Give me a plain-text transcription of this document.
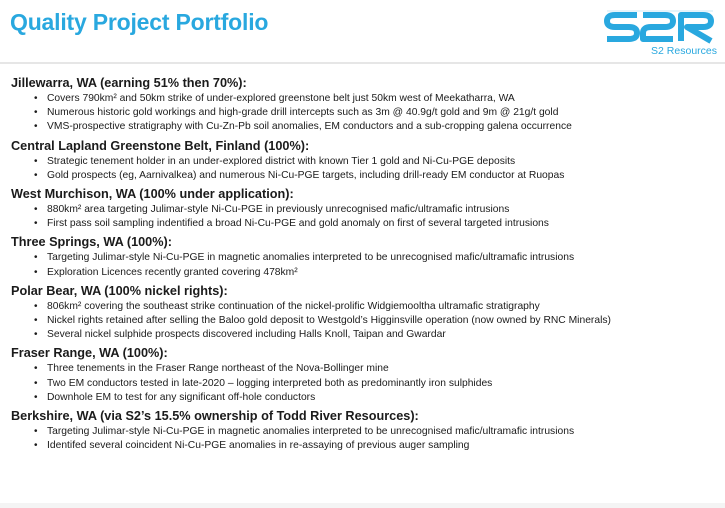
Quality Project Portfolio
S2 Resources
Jillewarra, WA (earning 51% then 70%):
• Covers 790km² and 50km strike of under-explored greenstone belt just 50km west of Meekatharra, WA
• Numerous historic gold workings and high-grade drill intercepts such as 3m @ 40.9g/t gold and 9m @ 21g/t gold
• VMS-prospective stratigraphy with Cu-Zn-Pb soil anomalies, EM conductors and a sub-cropping galena occurrence
Central Lapland Greenstone Belt, Finland (100%):
• Strategic tenement holder in an under-explored district with known Tier 1 gold and Ni-Cu-PGE deposits
• Gold prospects (eg, Aarnivalkea) and numerous Ni-Cu-PGE targets, including drill-ready EM conductor at Ruopas
West Murchison, WA (100% under application):
• 880km² area targeting Julimar-style Ni-Cu-PGE in previously unrecognised mafic/ultramafic intrusions
• First pass soil sampling indentified a broad Ni-Cu-PGE and gold anomaly on first of several targeted intrusions
Three Springs, WA (100%):
• Targeting Julimar-style Ni-Cu-PGE in magnetic anomalies interpreted to be unrecognised mafic/ultramafic intrusions
• Exploration Licences recently granted covering 478km²
Polar Bear, WA (100% nickel rights):
• 806km² covering the southeast strike continuation of the nickel-prolific Widgiemooltha ultramafic stratigraphy
• Nickel rights retained after selling the Baloo gold deposit to Westgold’s Higginsville operation (now owned by RNC Minerals)
• Several nickel sulphide prospects discovered including Halls Knoll, Taipan and Gwardar
Fraser Range, WA (100%):
• Three tenements in the Fraser Range northeast of the Nova-Bollinger mine
• Two EM conductors tested in late-2020 – logging interpreted both as predominantly iron sulphides
• Downhole EM to test for any significant off-hole conductors
Berkshire, WA (via S2’s 15.5% ownership of Todd River Resources):
• Targeting Julimar-style Ni-Cu-PGE in magnetic anomalies interpreted to be unrecognised mafic/ultramafic intrusions
• Identifed several coincident Ni-Cu-PGE anomalies in re-assaying of previous auger sampling
